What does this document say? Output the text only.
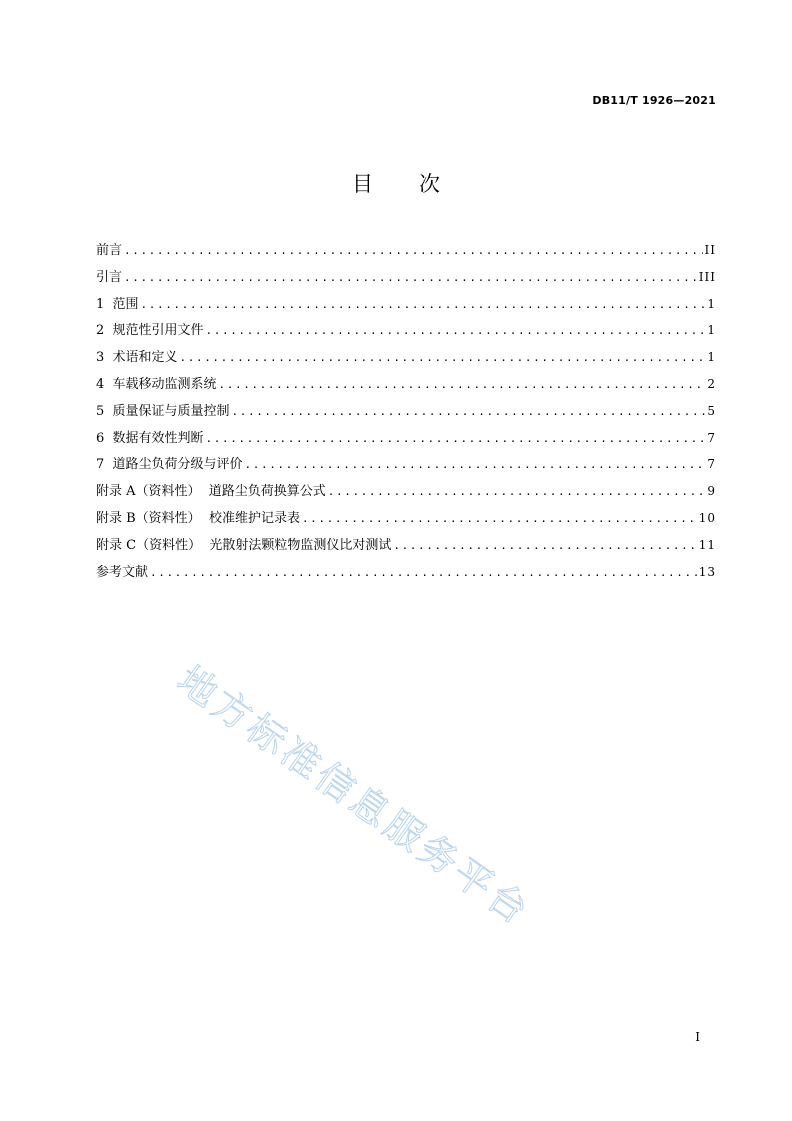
DB11/T 1926—2021
目 次
前言 .....	II
引言 .....	III
1  范围 .....	1
2  规范性引用文件 .....	1
3  术语和定义 .....	1
4  车载移动监测系统 .....	2
5  质量保证与质量控制 .....	5
6  数据有效性判断 .....	7
7  道路尘负荷分级与评价 .....	7
附录 A（资料性）  道路尘负荷换算公式 .....	9
附录 B（资料性）  校准维护记录表 .....	10
附录 C（资料性）  光散射法颗粒物监测仪比对测试 .....	11
参考文献 .....	13
地方标准信息服务平台
I
